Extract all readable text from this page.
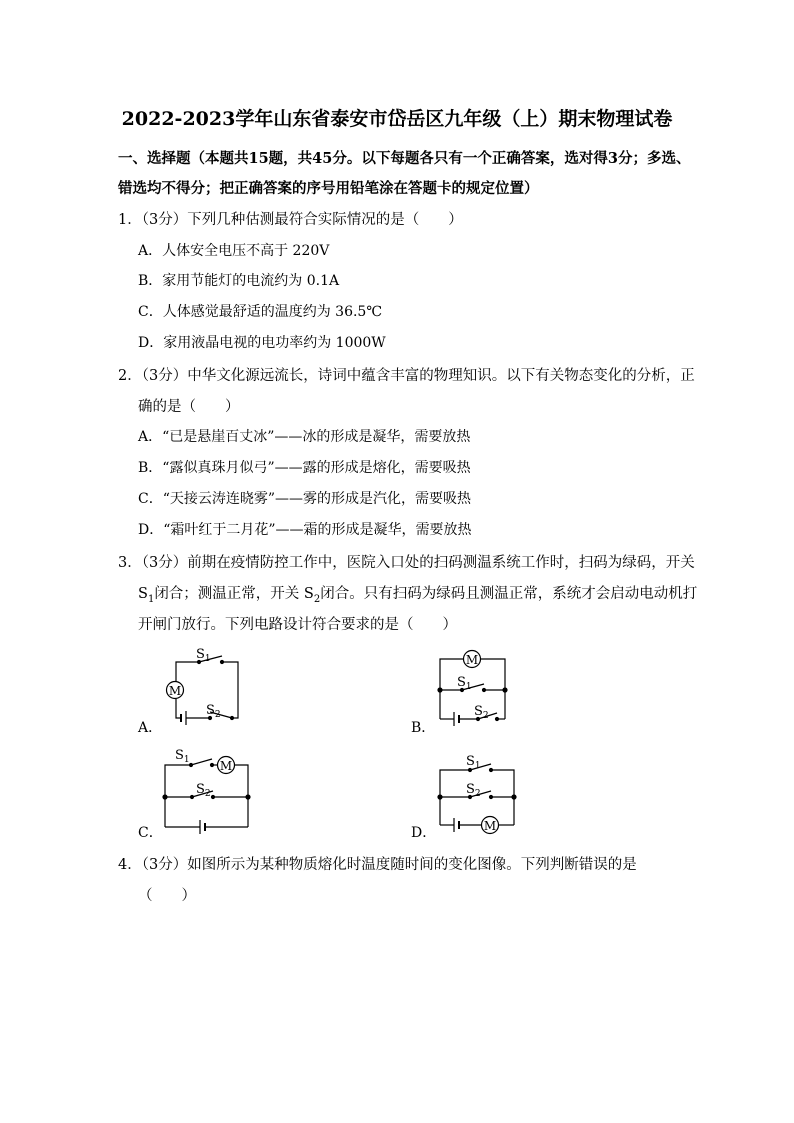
2022-2023学年山东省泰安市岱岳区九年级（上）期末物理试卷
一、选择题（本题共15题，共45分。以下每题各只有一个正确答案，选对得3分；多选、
错选均不得分；把正确答案的序号用铅笔涂在答题卡的规定位置）
1．（3分）下列几种估测最符合实际情况的是（　　）
A．人体安全电压不高于 220V
B．家用节能灯的电流约为 0.1A
C．人体感觉最舒适的温度约为 36.5℃
D．家用液晶电视的电功率约为 1000W
2．（3分）中华文化源远流长，诗词中蕴含丰富的物理知识。以下有关物态变化的分析，正
确的是（　　）
A．“已是悬崖百丈冰”——冰的形成是凝华，需要放热
B．“露似真珠月似弓”——露的形成是熔化，需要吸热
C．“天接云涛连晓雾”——雾的形成是汽化，需要吸热
D．“霜叶红于二月花”——霜的形成是凝华，需要放热
3．（3分）前期在疫情防控工作中，医院入口处的扫码测温系统工作时，扫码为绿码，开关
$S_1$闭合；测温正常，开关 $S_2$闭合。只有扫码为绿码且测温正常，系统才会启动电动机打
开闸门放行。下列电路设计符合要求的是（　　）
A．	B．
C．	D．
M
$S_1$
$S_2$
M
$S_1$
$S_2$
M
$S_1$
$S_2$
M
$S_1$
$S_2$
4．（3分）如图所示为某种物质熔化时温度随时间的变化图像。下列判断错误的是
（　　）
